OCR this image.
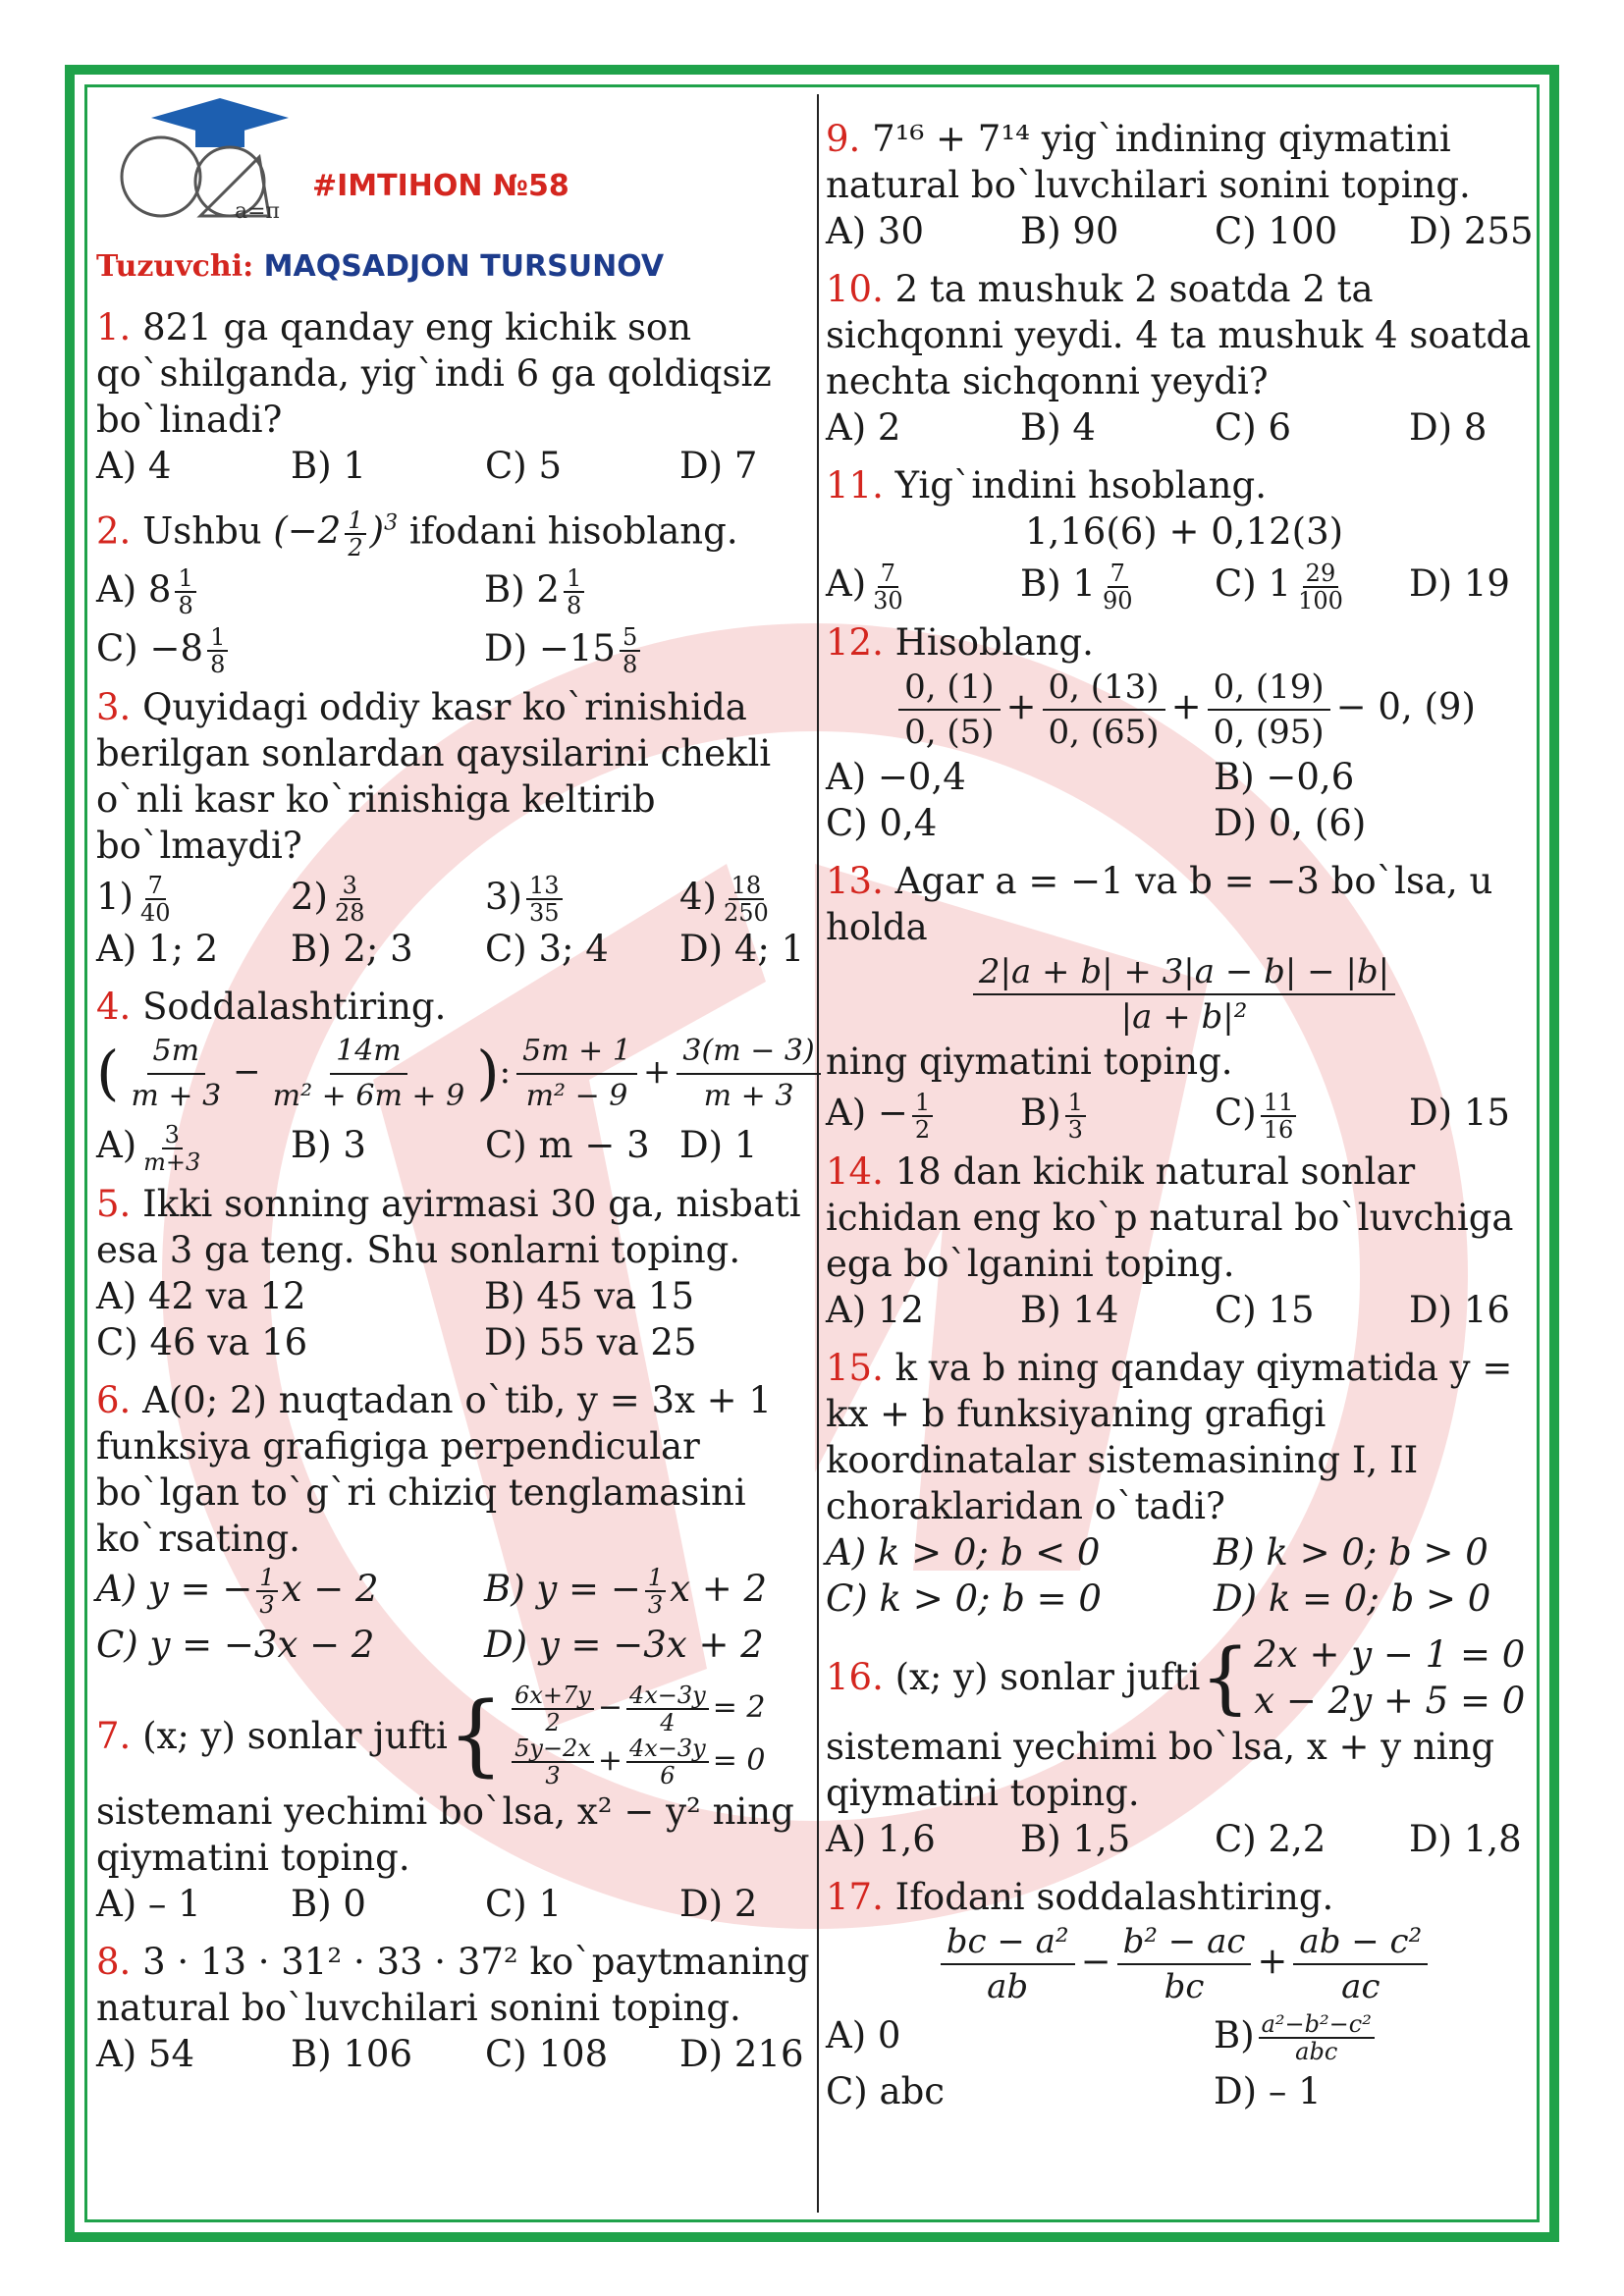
a=π
#IMTIHON №58
Tuzuvchi: MAQSADJON TURSUNOV
1. 821 ga qanday eng kichik son qo`shilganda, yig`indi 6 ga qoldiqsiz bo`linadi?
A) 4	B) 1	C) 5	D) 7
2. Ushbu $(-2 \frac{1}{2} )^3$ ifodani hisoblang.
A) $8 \frac{1}{8}$	B) $2 \frac{1}{8}$
$C) -8 \frac{1}{8}$	$D) -15 \frac{5}{8}$
3. Quyidagi oddiy kasr ko`rinishida berilgan sonlardan qaysilarini chekli o`nli kasr ko`rinishiga keltirib bo`lmaydi?
$1) \frac{7}{40}$	$2) \frac{3}{28}$	$3) \frac{13}{35}$	$4) \frac{18}{250}$
A) 1; 2	B) 2; 3	C) 3; 4	D) 4; 1
4. Soddalashtiring.
( $\frac{5m}{m + 3} - \frac{14m}{\text{m² + 6m + 9}}$ ): $\frac{5m + 1}{\text{m² − 9}} + \frac{3(m - 3)}{m + 3}$
$A) \frac{3}{m+3} B$) 3	C) m − 3 D) 1
5. Ikki sonning ayirmasi 30 ga, nisbati esa 3 ga teng. Shu sonlarni toping.
A) 42 va 12	B) 45 va 15
C) 46 va 16	D) 55 va 25
6. A(0; 2) nuqtadan o`tib, y = 3x + 1 funksiya grafigiga perpendicular bo`lgan to`g`ri chiziq tenglamasini ko`rsating.
A) y = − $\frac{1}{3}$ x − 2	B) y = − $\frac{1}{3}$ x + 2
C) y = −3x − 2	D) y = −3x + 2
7.
(x; y) sonlar jufti { $\frac{6x+7y}{2} - \frac{4x-3y}{4} = 2$
$\frac{5y-2x}{3} + \frac{4x-3y}{6} = 0$
sistemani yechimi bo`lsa, x² − y² ning qiymatini toping.
A) – 1	B) 0	C) 1	D) 2
8. 3 · 13 · 31² · 33 · 37² ko`paytmaning natural bo`luvchilari sonini toping.
A) 54	B) 106	C) 108	D) 216
9. 7¹⁶ + 7¹⁴ yig`indining qiymatini natural bo`luvchilari sonini toping.
A) 30	B) 90	C) 100	D) 255
10. 2 ta mushuk 2 soatda 2 ta sichqonni yeydi. 4 ta mushuk 4 soatda nechta sichqonni yeydi?
A) 2	B) 4	C) 6	D) 8
11. Yig`indini hsoblang.
1,16(6) + 0,12(3)
$A) \frac{7}{30}$	B) $1 \frac{7}{90} C$) $1 \frac{29}{100} D$) 19
12. Hisoblang.
$\frac{0, (1)}{0, (5)} + \frac{0, (13)}{0, (65)} + \frac{0, (19)}{0, (95)} - 0$, (9)
A) −0,4	B) −0,6
C) 0,4	D) 0, (6)
13. Agar a = −1 va b = −3 bo`lsa, u holda
$\frac{2|a + b| + 3|a - b| - |b|}{\text{|a + b|²}}$
ning qiymatini toping.
$A) - \frac{1}{2} B) \frac{1}{3}$	$C) \frac{11}{16}$	D) 15
14. 18 dan kichik natural sonlar ichidan eng ko`p natural bo`luvchiga ega bo`lganini toping.
A) 12	B) 14	C) 15	D) 16
15. k va b ning qanday qiymatida y = kx + b funksiyaning grafigi koordinatalar sistemasining I, II choraklaridan o`tadi?
A) k > 0; b < 0	B) k > 0; b > 0
C) k > 0; b = 0	D) k = 0; b > 0
16.
(x; y) sonlar jufti { 2x + y − 1 = 0
x − 2y + 5 = 0
sistemani yechimi bo`lsa, x + y ning qiymatini toping.
A) 1,6	B) 1,5	C) 2,2	D) 1,8
17. Ifodani soddalashtiring.
$\frac{\text{bc − a²}}{ab} - \frac{\text{b² − ac}}{bc} + \frac{\text{ab − c²}}{ac}$
A) 0	$B) \frac{\text{a²−b²−c²}}{\text{abc}}$
C) abc	D) – 1
